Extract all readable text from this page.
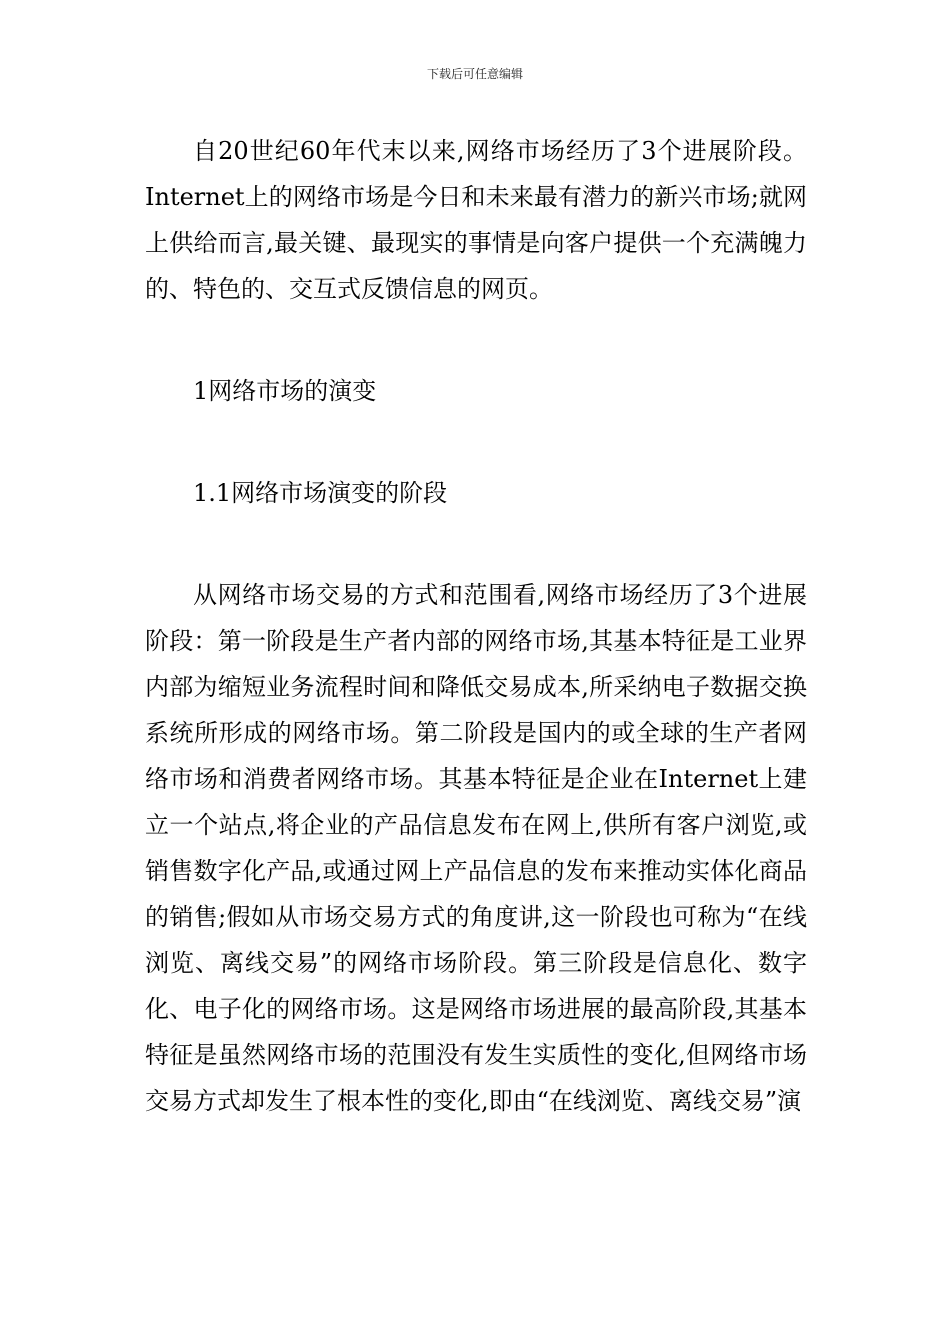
下载后可任意编辑

自20世纪60年代末以来,网络市场经历了3个进展阶段。Internet上的网络市场是今日和未来最有潜力的新兴市场;就网上供给而言,最关键、最现实的事情是向客户提供一个充满魄力的、特色的、交互式反馈信息的网页。

1网络市场的演变

1.1网络市场演变的阶段

从网络市场交易的方式和范围看,网络市场经历了3个进展阶段：第一阶段是生产者内部的网络市场,其基本特征是工业界内部为缩短业务流程时间和降低交易成本,所采纳电子数据交换系统所形成的网络市场。第二阶段是国内的或全球的生产者网络市场和消费者网络市场。其基本特征是企业在Internet上建立一个站点,将企业的产品信息发布在网上,供所有客户浏览,或销售数字化产品,或通过网上产品信息的发布来推动实体化商品的销售;假如从市场交易方式的角度讲,这一阶段也可称为“在线浏览、离线交易”的网络市场阶段。第三阶段是信息化、数字化、电子化的网络市场。这是网络市场进展的最高阶段,其基本特征是虽然网络市场的范围没有发生实质性的变化,但网络市场交易方式却发生了根本性的变化,即由“在线浏览、离线交易”演
